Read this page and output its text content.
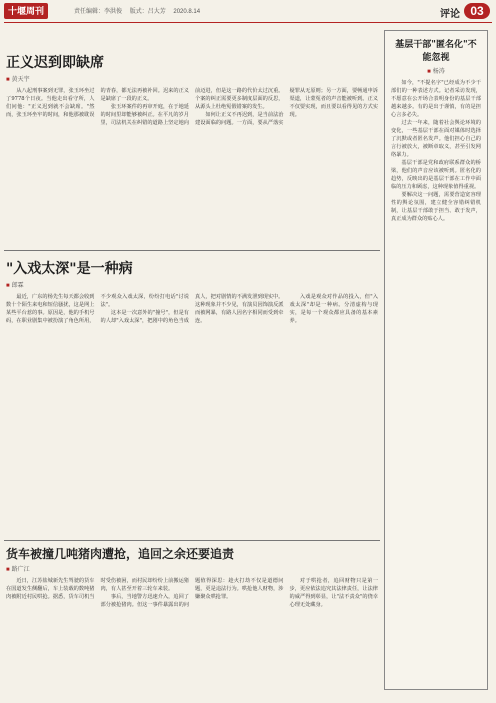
十堰周刊	责任编辑：李洪俊 版式：吕大芳 2020.8.14	评论 03
正义迟到即缺席
■ 黄天宇

从八起刑事案到无罪，张玉环坐过了9778个日夜。当他走出看守所，人们问他："正义迟到就不会缺席。"然而，张玉环坐牢的时间，和他那被耽误的青春，都无法再被补回。迟来的正义是缺席了一段的正义。

张玉环案件的再审开庭，在于地延的时间里却能够被纠正。在平凡的岁月里，司法机关在纠错的道路上坚定地向前迈进，但是这一路的代价太过沉重。个案的纠正需要更多制度层面的反思，从源头上杜绝冤假错案的发生。

如何让正义不再迟到，是当前法治建设面临的问题。一方面，要从严落实疑罪从无原则；另一方面，要畅通申诉渠道，让蒙冤者的声音能被听到。正义不仅要实现，而且要以看得见的方式实现。

"入戏太深"是一种病
■ 郎霖

最近，广东的杨先生每天都会收到数十个陌生来电和短信骚扰，这是网上某些平台惹的事。原因是，他的手机号码，在职业剧集中被扮演了角色所用，不少观众入戏太深，纷纷打电话"讨说法"。

这本是一次意外的"撞号"，但是有的人却"入戏太深"，把剧中的角色当成真人，把对剧情的不满发泄到现实中。这种现象并不少见，有演员因饰演反派而被网暴，有路人因名字相同而受到牵连。

入戏是观众对作品的投入，但"入戏太深"却是一种病。分清虚构与现实，是每一个观众都应具备的基本素养。

货车被撞几吨猪肉遭抢，追回之余还要追责
■ 路广江

近日，江苏盐城新先生驾驶的货车在国道发生侧翻后，车上装载的数吨猪肉被附近村民哄抢。据悉，货车司机当时受伤被困，而村民却纷纷上前搬运猪肉，有人甚至开着三轮车来装。

事后，当地警方迅速介入，追回了部分被抢猪肉。但这一事件暴露出的问题值得深思：趁火打劫不仅是道德问题，更是违法行为。哄抢他人财物，涉嫌聚众哄抢罪。

对于哄抢者，追回财物只是第一步，更应依法追究其法律责任，让法律的威严得到彰显，让"法不责众"的侥幸心理无处藏身。

基层干部"匿名化"不能忽视
■ 杨涛

如今，"不提名字"已经成为不少干部们的一种表述方式。记者采访发现，不愿意在公开场合表明身份的基层干部越来越多。有的是出于谨慎，有的是担心言多必失。

过去一年来，随着社会舆论环境的变化，一些基层干部在面对媒体时选择了沉默或者匿名发声。他们担心自己的言行被放大，被断章取义，甚至引发网络暴力。

基层干部是党和政府联系群众的桥梁，他们的声音应该被听到。匿名化的趋势，反映出的是基层干部在工作中面临的压力和顾虑，这种现象值得重视。

要解决这一问题，需要营造宽容理性的舆论氛围，建立健全容错纠错机制，让基层干部敢于担当、敢于发声，真正成为群众的贴心人。
